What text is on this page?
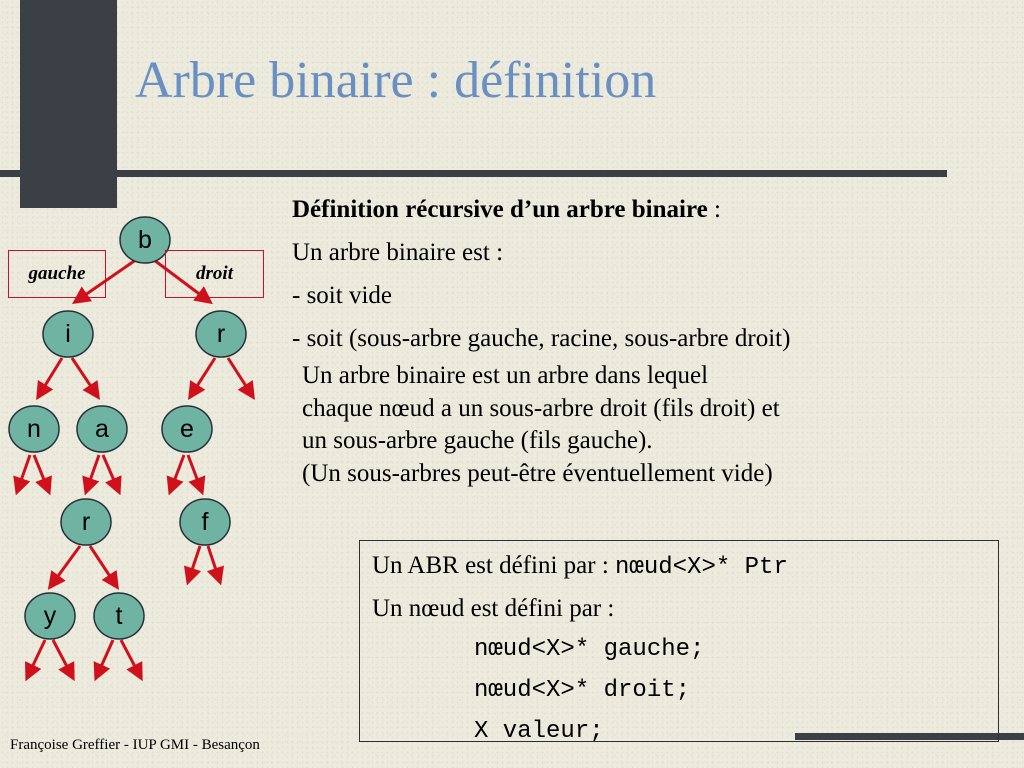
Arbre binaire : définition
b
i	r
n a	e
r	f
y t
gauche	droit
Définition récursive d’un arbre binaire :
Un arbre binaire est :
- soit vide
- soit (sous-arbre gauche, racine, sous-arbre droit)
Un arbre binaire est un arbre dans lequel
chaque nœud a un sous-arbre droit (fils droit) et
un sous-arbre gauche (fils gauche).
(Un sous-arbres peut-être éventuellement vide)
Un ABR est défini par : nœud<X>* Ptr
Un nœud est défini par :
nœud<X>* gauche;
nœud<X>* droit;
X valeur;
Françoise Greffier - IUP GMI - Besançon
